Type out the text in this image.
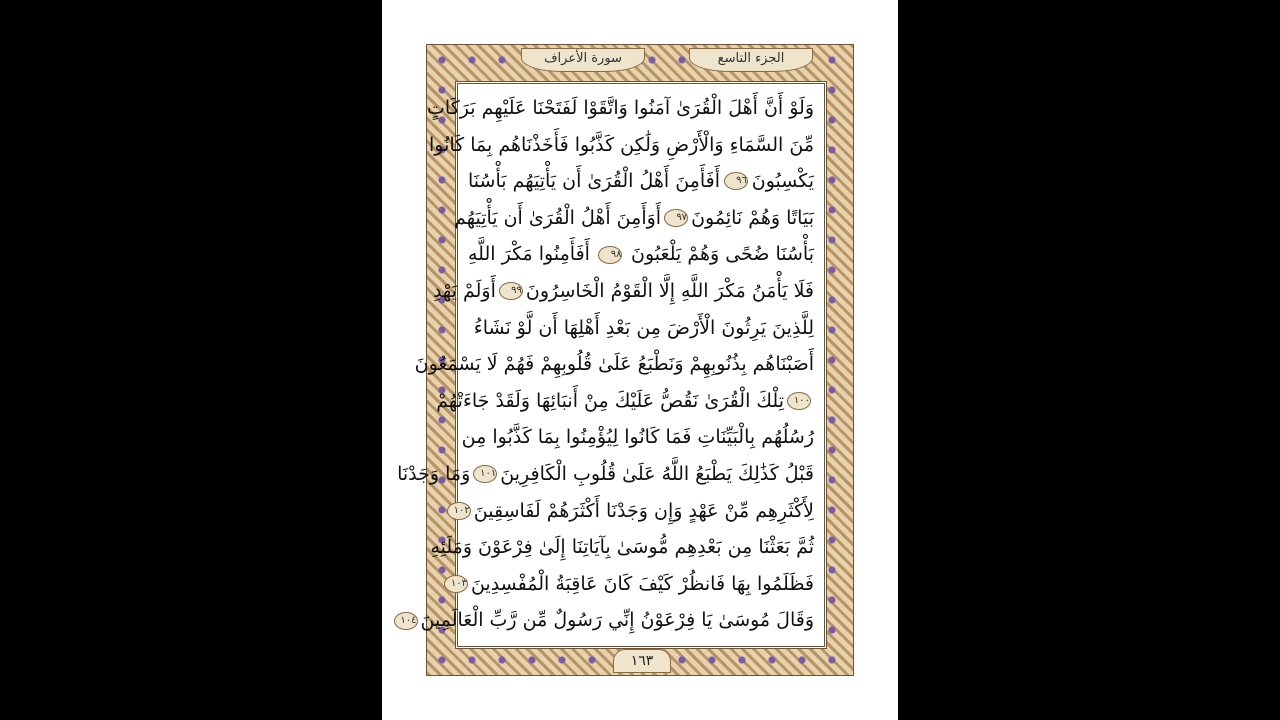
سورة الأعراف	الجزء التاسع
وَلَوْ أَنَّ أَهْلَ الْقُرَىٰ آمَنُوا وَاتَّقَوْا لَفَتَحْنَا عَلَيْهِم بَرَكَاتٍ
مِّنَ السَّمَاءِ وَالْأَرْضِ وَلَٰكِن كَذَّبُوا فَأَخَذْنَاهُم بِمَا كَانُوا
يَكْسِبُونَ
٩٦
أَفَأَمِنَ أَهْلُ الْقُرَىٰ أَن يَأْتِيَهُم بَأْسُنَا
بَيَاتًا وَهُمْ نَائِمُونَ
٩٧
أَوَأَمِنَ أَهْلُ الْقُرَىٰ أَن يَأْتِيَهُم
بَأْسُنَا ضُحًى وَهُمْ يَلْعَبُونَ
٩٨
أَفَأَمِنُوا مَكْرَ اللَّهِ
فَلَا يَأْمَنُ مَكْرَ اللَّهِ إِلَّا الْقَوْمُ الْخَاسِرُونَ
٩٩
أَوَلَمْ يَهْدِ
لِلَّذِينَ يَرِثُونَ الْأَرْضَ مِن بَعْدِ أَهْلِهَا أَن لَّوْ نَشَاءُ
أَصَبْنَاهُم بِذُنُوبِهِمْ وَنَطْبَعُ عَلَىٰ قُلُوبِهِمْ فَهُمْ لَا يَسْمَعُونَ
١٠٠
تِلْكَ الْقُرَىٰ نَقُصُّ عَلَيْكَ مِنْ أَنبَائِهَا وَلَقَدْ جَاءَتْهُمْ
رُسُلُهُم بِالْبَيِّنَاتِ فَمَا كَانُوا لِيُؤْمِنُوا بِمَا كَذَّبُوا مِن
قَبْلُ كَذَٰلِكَ يَطْبَعُ اللَّهُ عَلَىٰ قُلُوبِ الْكَافِرِينَ
١٠١
وَمَا وَجَدْنَا
لِأَكْثَرِهِم مِّنْ عَهْدٍ وَإِن وَجَدْنَا أَكْثَرَهُمْ لَفَاسِقِينَ
١٠٢
ثُمَّ بَعَثْنَا مِن بَعْدِهِم مُّوسَىٰ بِآيَاتِنَا إِلَىٰ فِرْعَوْنَ وَمَلَئِهِ
فَظَلَمُوا بِهَا فَانظُرْ كَيْفَ كَانَ عَاقِبَةُ الْمُفْسِدِينَ
١٠٣
وَقَالَ مُوسَىٰ يَا فِرْعَوْنُ إِنِّي رَسُولٌ مِّن رَّبِّ الْعَالَمِينَ
١٠٤
١٦٣
